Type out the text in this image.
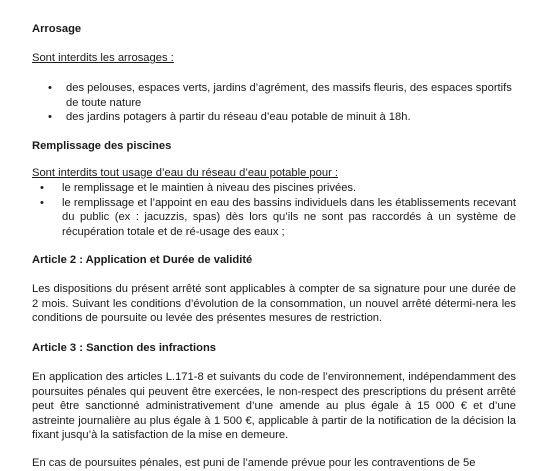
Arrosage
Sont interdits les arrosages :
• des pelouses, espaces verts, jardins d’agrément, des massifs fleuris, des espaces sportifs de toute nature
• des jardins potagers à partir du réseau d’eau potable de minuit à 18h.
Remplissage des piscines
Sont interdits tout usage d’eau du réseau d’eau potable pour :
• le remplissage et le maintien à niveau des piscines privées.
• le remplissage et l’appoint en eau des bassins individuels dans les établissements recevant du public (ex : jacuzzis, spas) dès lors qu’ils ne sont pas raccordés à un système de récupération totale et de ré-usage des eaux ;
Article 2 : Application et Durée de validité

Les dispositions du présent arrêté sont applicables à compter de sa signature pour une durée de 2 mois. Suivant les conditions d’évolution de la consommation, un nouvel arrêté détermi-nera les conditions de poursuite ou levée des présentes mesures de restriction.

Article 3 : Sanction des infractions

En application des articles L.171-8 et suivants du code de l’environnement, indépendamment des poursuites pénales qui peuvent être exercées, le non-respect des prescriptions du présent arrêté peut être sanctionné administrativement d’une amende au plus égale à 15 000 € et d’une astreinte journalière au plus égale à 1 500 €, applicable à partir de la notification de la décision la fixant jusqu’à la satisfaction de la mise en demeure.

En cas de poursuites pénales, est puni de l’amende prévue pour les contraventions de 5e
